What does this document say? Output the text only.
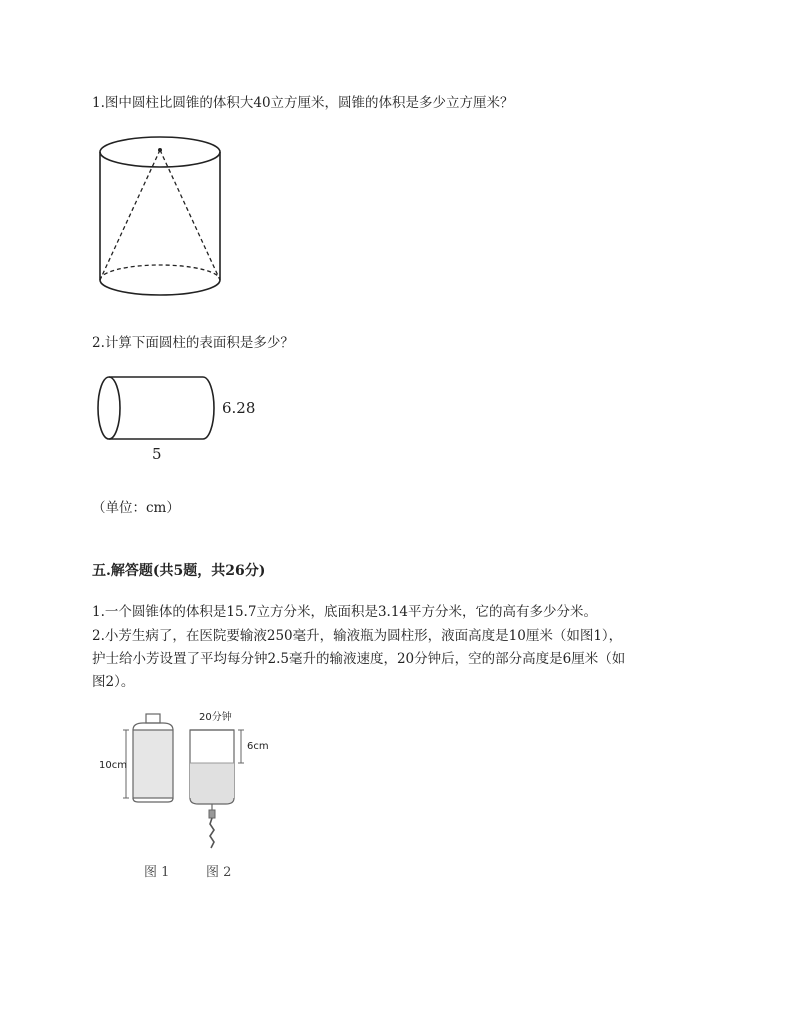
1.图中圆柱比圆锥的体积大40立方厘米，圆锥的体积是多少立方厘米？
2.计算下面圆柱的表面积是多少？
6.28
5
（单位：cm）
五.解答题(共5题，共26分)
1.一个圆锥体的体积是15.7立方分米，底面积是3.14平方分米，它的高有多少分米。
2.小芳生病了，在医院要输液250毫升，输液瓶为圆柱形，液面高度是10厘米（如图1），
护士给小芳设置了平均每分钟2.5毫升的输液速度，20分钟后，空的部分高度是6厘米（如
图2）。
10cm
20分钟
6cm
图 1	图 2
